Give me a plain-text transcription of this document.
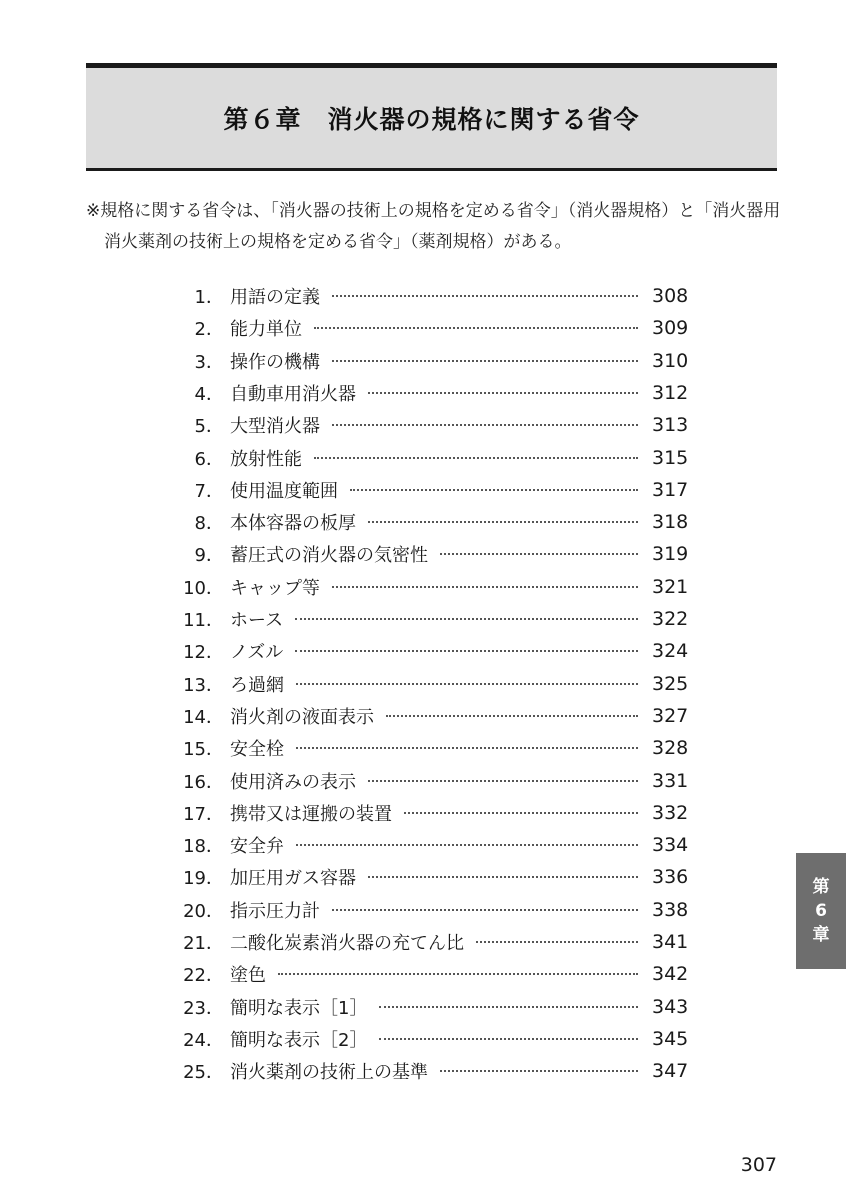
第６章　消火器の規格に関する省令
※規格に関する省令は、「消火器の技術上の規格を定める省令」（消火器規格）と「消火器用消火薬剤の技術上の規格を定める省令」（薬剤規格）がある。
1． 用語の定義	308
2． 能力単位	309
3． 操作の機構	310
4． 自動車用消火器	312
5． 大型消火器	313
6． 放射性能	315
7． 使用温度範囲	317
8． 本体容器の板厚	318
9． 蓄圧式の消火器の気密性	319
10． キャップ等	321
11． ホース	322
12． ノズル	324
13． ろ過網	325
14． 消火剤の液面表示	327
15． 安全栓	328
16． 使用済みの表示	331
17． 携帯又は運搬の装置	332
18． 安全弁	334
19． 加圧用ガス容器	336
20． 指示圧力計	338
21． 二酸化炭素消火器の充てん比	341
22． 塗色	342
23． 簡明な表示［1］	343
24． 簡明な表示［2］	345
25． 消火薬剤の技術上の基準	347
第
6
章
307
